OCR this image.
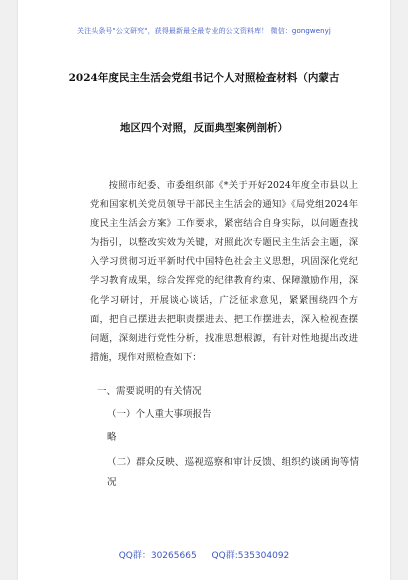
关注头条号"公文研究"，获得最新最全最专业的公文资料库！ 微信：gongwenyj
2024年度民主生活会党组书记个人对照检查材料（内蒙古
地区四个对照，反面典型案例剖析）

按照市纪委、市委组织部《*关于开好2024年度全市县以上党和国家机关党员领导干部民主生活会的通知》《局党组2024年度民主生活会方案》工作要求，紧密结合自身实际，以问题查找为指引，以整改实效为关键，对照此次专题民主生活会主题，深入学习贯彻习近平新时代中国特色社会主义思想，巩固深化党纪学习教育成果，综合发挥党的纪律教育约束、保障激励作用，深化学习研讨，开展谈心谈话，广泛征求意见，紧紧围绕四个方面，把自己摆进去把职责摆进去、把工作摆进去，深入检视查摆问题，深刻进行党性分析，找准思想根源，有针对性地提出改进措施，现作对照检查如下：

一、需要说明的有关情况
（一）个人重大事项报告
略

（二）群众反映、巡视巡察和审计反馈、组织约谈函询等情况

QQ群：30265665 QQ群:535304092
